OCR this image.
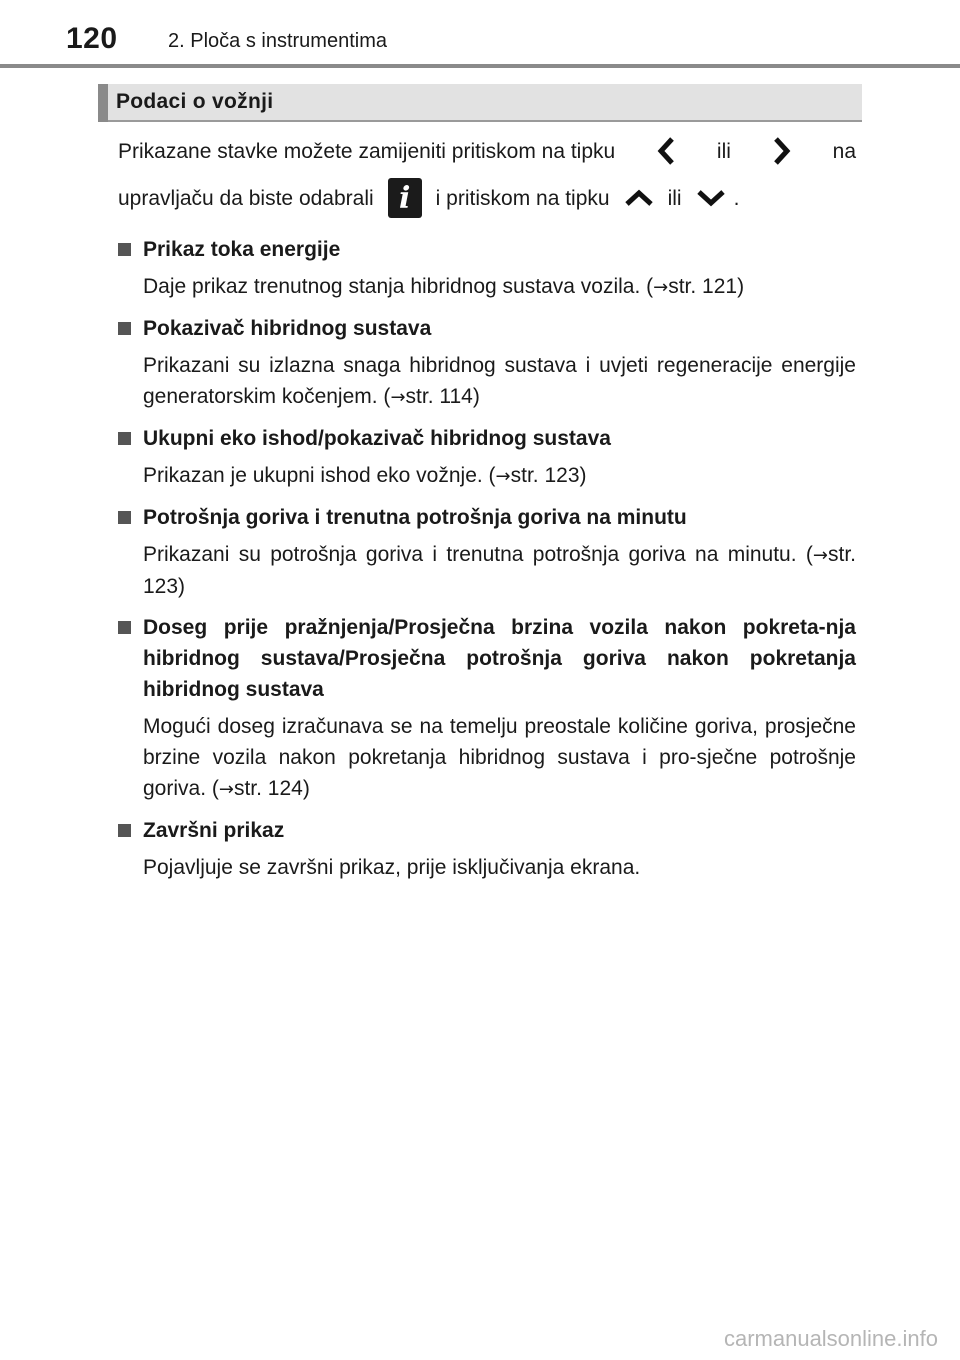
120	2. Ploča s instrumentima
Podaci o vožnji
Prikazane stavke možete zamijeniti pritiskom na tipku	ili	na
upravljaču da biste odabrali i	i pritiskom na tipku	ili .
Prikaz toka energije
Daje prikaz trenutnog stanja hibridnog sustava vozila. (→str. 121)
Pokazivač hibridnog sustava
Prikazani su izlazna snaga hibridnog sustava i uvjeti regeneracije energije generatorskim kočenjem. (→str. 114)
Ukupni eko ishod/pokazivač hibridnog sustava
Prikazan je ukupni ishod eko vožnje. (→str. 123)
Potrošnja goriva i trenutna potrošnja goriva na minutu
Prikazani su potrošnja goriva i trenutna potrošnja goriva na minutu. (→str. 123)
Doseg prije pražnjenja/Prosječna brzina vozila nakon pokreta-nja hibridnog sustava/Prosječna potrošnja goriva nakon pokretanja hibridnog sustava
Mogući doseg izračunava se na temelju preostale količine goriva, prosječne brzine vozila nakon pokretanja hibridnog sustava i pro-sječne potrošnje goriva. (→str. 124)
Završni prikaz
Pojavljuje se završni prikaz, prije isključivanja ekrana.
carmanualsonline.info
